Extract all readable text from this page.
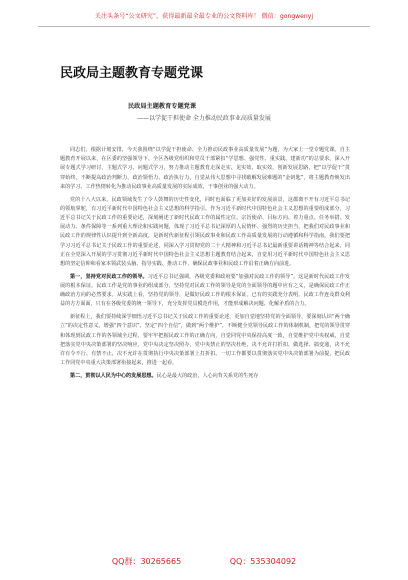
关注头条号“公文研究”，获得最新最全最专业的公文资料库！ 微信：gongwenyj
民政局主题教育专题党课
民政局主题教育专题党课
——以学促干担使命 全力推动民政事业高质量发展

同志们，根据计划安排，今天我围绕“以学促干担使命、全力推动民政事业高质量发展”为题，为大家上一堂专题党课。自主题教育开展以来，在区委的坚强领导下，全区各级党组织和党员干部紧扣“学思想、强党性、重实践、建新功”的总要求，深入开展专题式学习研讨，主题式学习、问题式学习，努力推动主题教育走深走实、见实效、取实效，创新发展思路，把“以学促干”贯穿始终，不断提高政治判断力、政治领悟力、政治执行力，自觉从伟大思想中寻找破解发展难题的“金钥匙”，将主题教育焕发出来的学习、工作热情转化为推动民政事业高质量发展的实际成效，干事创业的强大动力。

党的十八大以来，民政领域发生了令人鼓舞的历史性变化，同时也面临了更加美好的发展前景，这都离不开有习近平总书记的领航掌舵，有习近平新时代中国特色社会主义思想的科学指引。作为习近平新时代中国特色社会主义思想的重要组成部分，习近平总书记关于民政工作的重要论述，深刻阐述了新时代民政工作的属性定位、宗旨使命、目标方向、着力重点、任务举措、发展动力、条件保障等一系列重大理论和实践问题，体现了习近平总书记深厚的人民情怀、强烈的历史担当，把我们对民政事业和民政工作的规律性认识提升到全新高度，是新时代新征程引领民政事业和民政工作高质量发展的行动遵循和科学指南。我们要把学习习近平总书记关于民政工作的重要论述，同深入学习贯彻党的二十大精神和习近平总书记最新重要讲话精神等结合起来，同正在全党深入开展的学习贯彻习近平新时代中国特色社会主义思想主题教育结合起来，自觉用习近平新时代中国特色社会主义思想的坚定信仰和看家本领武装头脑、指导实践、推动工作，确保民政事业和民政工作沿着正确方向前进。

第一，坚持党对民政工作的领导。习近平总书记强调，各级党委和政府要“加强对民政工作的领导”。这是新时代民政工作发展的根本保证。民政工作是党的事业的组成部分，坚持党对民政工作的领导是党的全面领导的题中应有之义，是确保民政工作正确政治方向的必然要求。从实践上看，坚持党的领导，是做好民政工作的根本保证。已有的实践充分表明，民政工作连及群众利益的方方面面，只有在各级党委的统一领导下，充分发挥党员模范作用，才能形成解决问题、化解矛盾的合力。

新征程上，我们要持续深学细悟习近平总书记关于民政工作的重要论述，更加自觉地坚持党的全面领导，要深刻认识“两个确立”的决定性意义，增强“四个意识”，坚定“四个自信”，做到“两个维护”，不断健全党领导民政工作的体制机制，把党的领导贯穿和体现到民政工作的各领域全过程，要牢牢把握民政工作的正确方向，自觉同党中央保持高度一致，自觉维护党中央权威，自觉把落实党中央决策部署的坚决响应，党中央决定坚决照办，党中央禁止的坚决杜绝，决不允许打折扣、做选择、搞变通，决不允许有令不行、有禁不止，决不允许在贯彻执行中央决策部署上打折扣。一切工作都要以贯彻落实党中央决策部署为前提，把民政工作同党中央重大决策部署衔接起来，推进一起看。

第二，贯彻以人民为中心的发展思想。民心是最大的政治，人心向背关系党的生死存

QQ群：30265665	QQ：535304092
